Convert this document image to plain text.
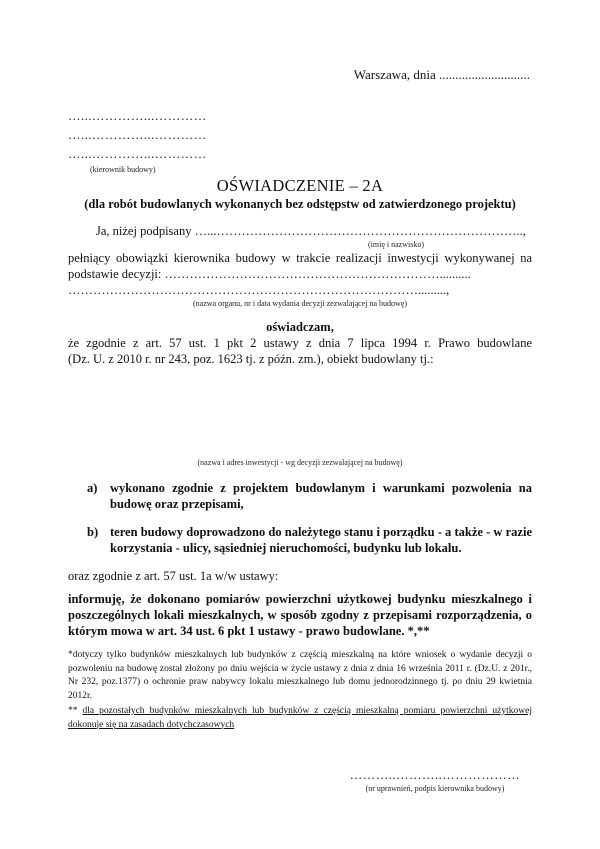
Warszawa, dnia ............................
…...…………...…………
…...…………...…………
…...…………...…………
(kierownik budowy)
OŚWIADCZENIE – 2A
(dla robót budowlanych wykonanych bez odstępstw od zatwierdzonego projektu)
Ja, niżej podpisany …...………………………………………………………………..,
(imię i nazwisko)
pełniący obowiązki kierownika budowy w trakcie realizacji inwestycji wykonywanej na
podstawie decyzji: …………………………………………………………..........
………………………………………………………………………….........,
(nazwa organu, nr i data wydania decyzji zezwalającej na budowę)
oświadczam,
że zgodnie z art. 57 ust. 1 pkt 2 ustawy z dnia 7 lipca 1994 r. Prawo budowlane
(Dz. U. z 2010 r. nr 243, poz. 1623 tj. z późn. zm.), obiekt budowlany tj.:
(nazwa i adres inwestycji - wg decyzji zezwalającej na budowę)
a) wykonano zgodnie z projektem budowlanym i warunkami pozwolenia na budowę oraz przepisami,
b) teren budowy doprowadzono do należytego stanu i porządku - a także - w razie korzystania - ulicy, sąsiedniej nieruchomości, budynku lub lokalu.
oraz zgodnie z art. 57 ust. 1a w/w ustawy:
informuję, że dokonano pomiarów powierzchni użytkowej budynku mieszkalnego i poszczególnych lokali mieszkalnych, w sposób zgodny z przepisami rozporządzenia, o którym mowa w art. 34 ust. 6 pkt 1 ustawy - prawo budowlane. *,**
*dotyczy tylko budynków mieszkalnych lub budynków z częścią mieszkalną na które wniosek o wydanie decyzji o pozwoleniu na budowę został złożony po dniu wejścia w życie ustawy z dnia z dnia 16 września 2011 r. (Dz.U. z 201r., Nr 232, poz.1377) o ochronie praw nabywcy lokalu mieszkalnego lub domu jednorodzinnego tj. po dniu 29 kwietnia 2012r.
** dla pozostałych budynków mieszkalnych lub budynków z częścią mieszkalną pomiaru powierzchni użytkowej dokonuje się na zasadach dotychczasowych
………..………..………………
(nr uprawnień, podpis kierownika budowy)
